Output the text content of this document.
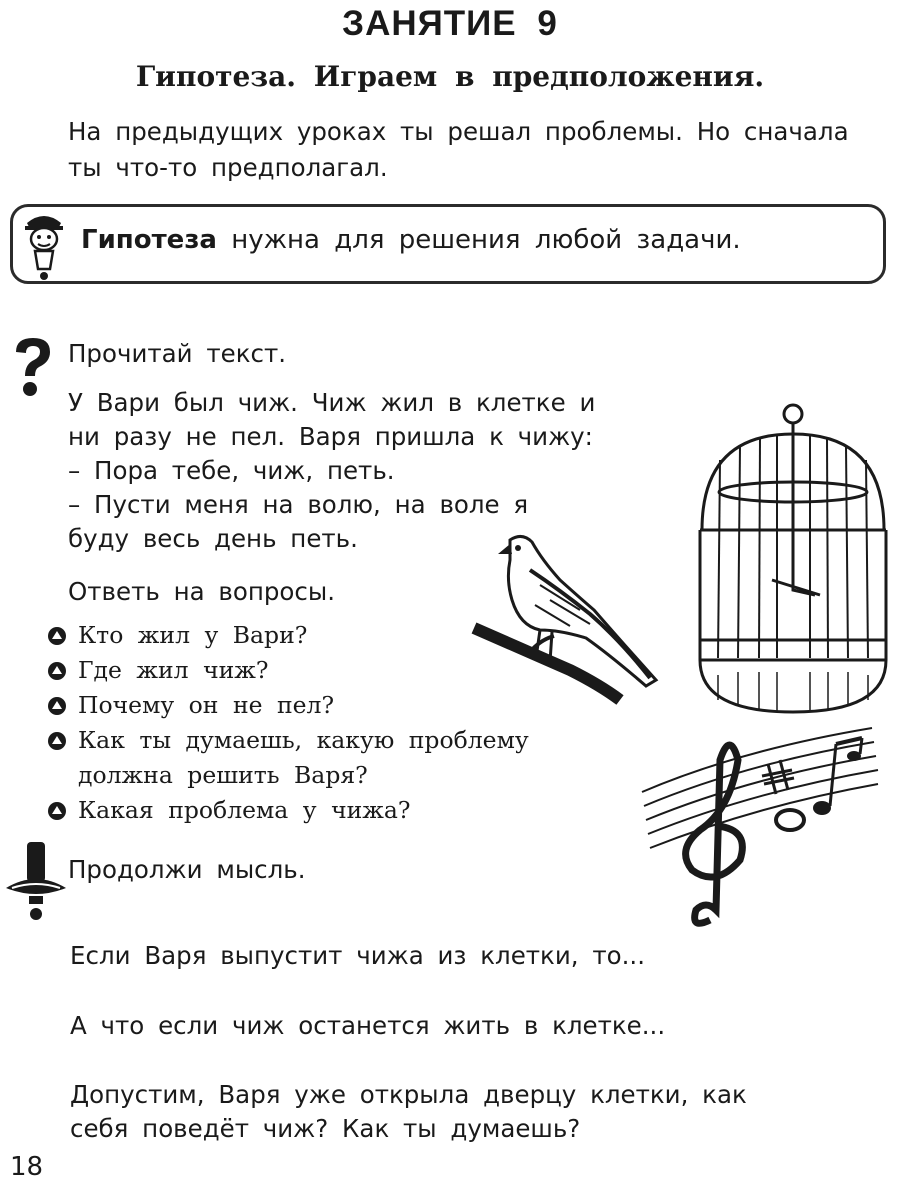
ЗАНЯТИЕ 9
Гипотеза. Играем в предположения.
На предыдущих уроках ты решал проблемы. Но сначала ты что-то предполагал.
Гипотеза нужна для решения любой задачи.
Прочитай текст.
У Вари был чиж. Чиж жил в клетке и
ни разу не пел. Варя пришла к чижу:
– Пора тебе, чиж, петь.
– Пусти меня на волю, на воле я
буду весь день петь.
Ответь на вопросы.
Кто жил у Вари?
Где жил чиж?
Почему он не пел?
Как ты думаешь, какую проблему
должна решить Варя?
Какая проблема у чижа?
Продолжи мысль.
Если Варя выпустит чижа из клетки, то...
А что если чиж останется жить в клетке...
Допустим, Варя уже открыла дверцу клетки, как
себя поведёт чиж? Как ты думаешь?
18
